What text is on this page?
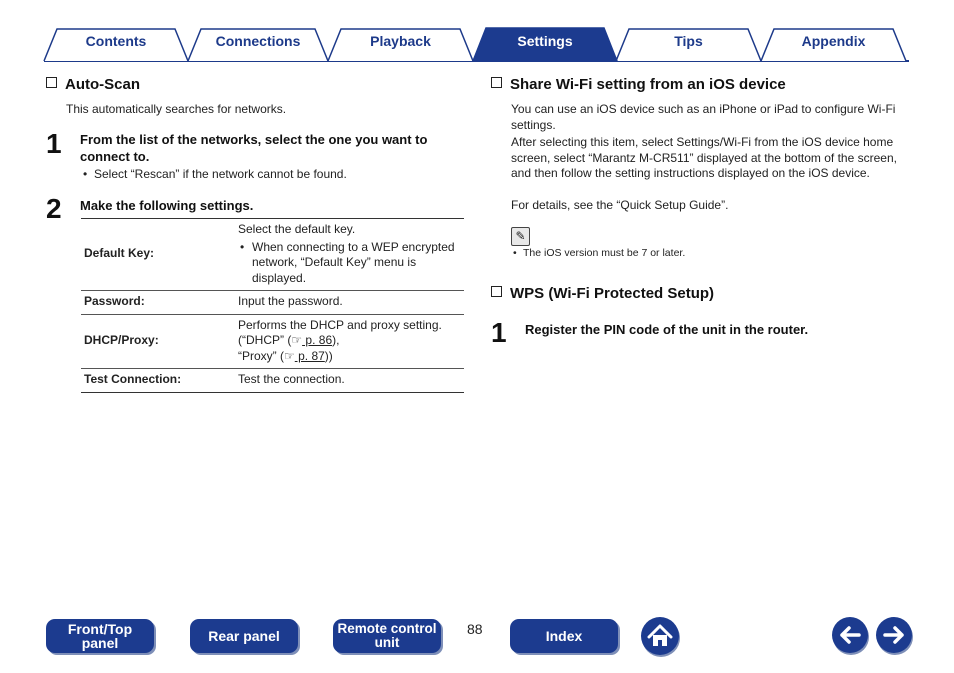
Contents	Connections	Playback	Settings	Tips	Appendix
Auto-Scan
This automatically searches for networks.
1 From the list of the networks, select the one you want to connect to.
• Select “Rescan” if the network cannot be found.
2 Make the following settings.
Default Key:	Select the default key.
• When connecting to a WEP encrypted network, “Default Key” menu is displayed.

Password:	Input the password.
DHCP/Proxy:	Performs the DHCP and proxy setting.
(“DHCP” (☞ p. 86),
“Proxy” (☞ p. 87))

Test Connection:	Test the connection.
Share Wi-Fi setting from an iOS device
You can use an iOS device such as an iPhone or iPad to configure Wi-Fi settings.
After selecting this item, select Settings/Wi-Fi from the iOS device home screen, select “Marantz M-CR511” displayed at the bottom of the screen, and then follow the setting instructions displayed on the iOS device.
For details, see the “Quick Setup Guide”.
✎
• The iOS version must be 7 or later.
WPS (Wi-Fi Protected Setup)
1 Register the PIN code of the unit in the router.
Front/Top panel	Rear panel	Remote control unit
88	Index
